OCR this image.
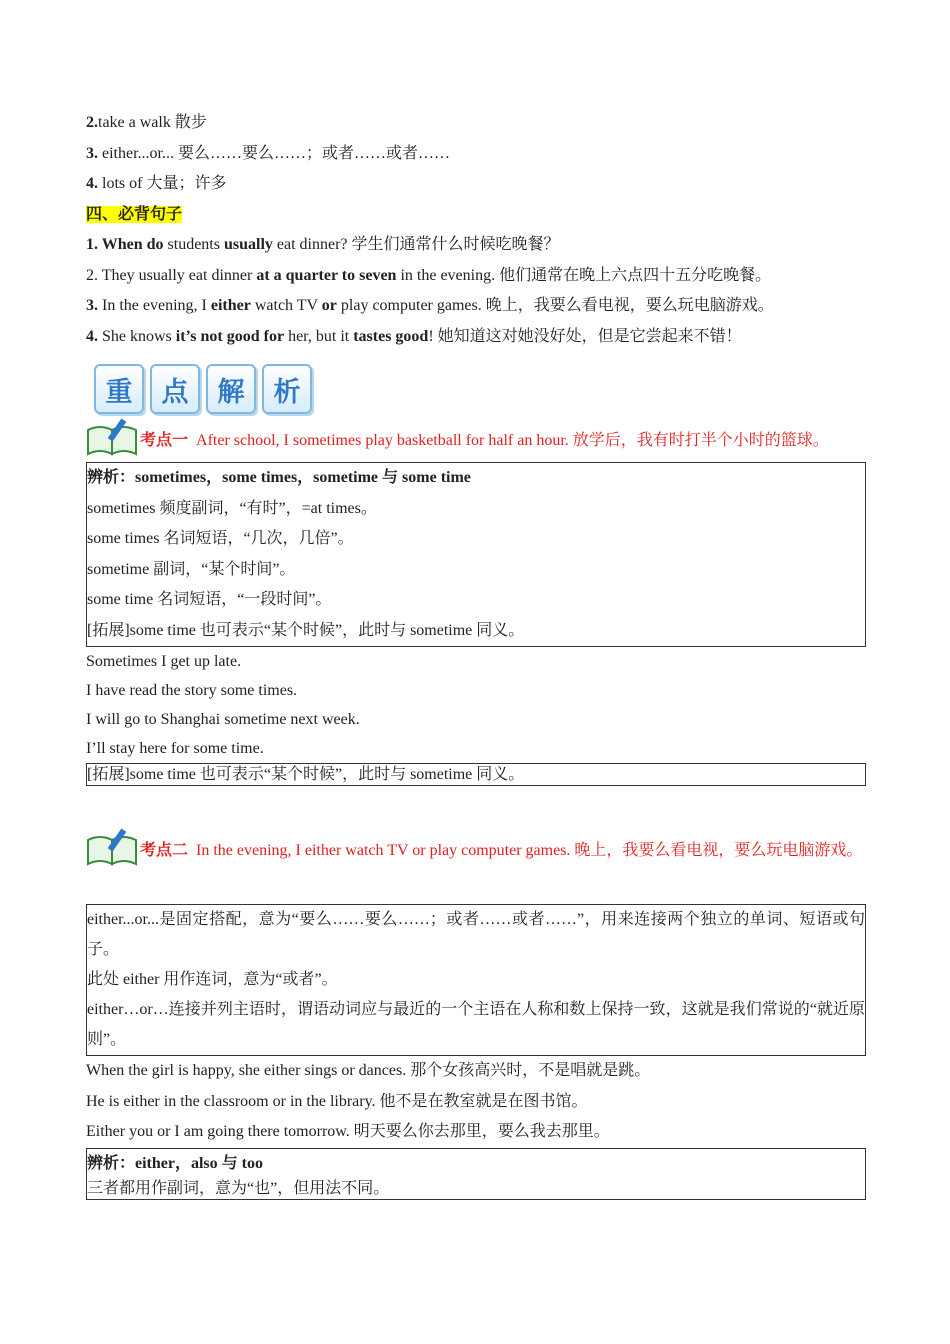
2.take a walk 散步
3. either...or... 要么……要么……；或者……或者……
4. lots of 大量；许多
四、必背句子
1. When do students usually eat dinner? 学生们通常什么时候吃晚餐？
2. They usually eat dinner at a quarter to seven in the evening. 他们通常在晚上六点四十五分吃晚餐。
3. In the evening, I either watch TV or play computer games. 晚上，我要么看电视，要么玩电脑游戏。
4. She knows it’s not good for her, but it tastes good! 她知道这对她没好处，但是它尝起来不错！
重	点	解	析
考点一 After school, I sometimes play basketball for half an hour. 放学后，我有时打半个小时的篮球。
辨析：sometimes，some times，sometime 与 some time
sometimes 频度副词，“有时”，=at times。
some times 名词短语，“几次，几倍”。
sometime 副词，“某个时间”。
some time 名词短语，“一段时间”。
[拓展]some time 也可表示“某个时候”，此时与 sometime 同义。
Sometimes I get up late.
I have read the story some times.
I will go to Shanghai sometime next week.
I’ll stay here for some time.
[拓展]some time 也可表示“某个时候”，此时与 sometime 同义。
考点二 In the evening, I either watch TV or play computer games. 晚上，我要么看电视，要么玩电脑游戏。
either...or...是固定搭配，意为“要么……要么……；或者……或者……”，用来连接两个独立的单词、短语或句子。
此处 either 用作连词，意为“或者”。
either…or…连接并列主语时，谓语动词应与最近的一个主语在人称和数上保持一致，这就是我们常说的“就近原则”。
When the girl is happy, she either sings or dances. 那个女孩高兴时，不是唱就是跳。
He is either in the classroom or in the library. 他不是在教室就是在图书馆。
Either you or I am going there tomorrow. 明天要么你去那里，要么我去那里。
辨析：either，also 与 too
三者都用作副词，意为“也”，但用法不同。
